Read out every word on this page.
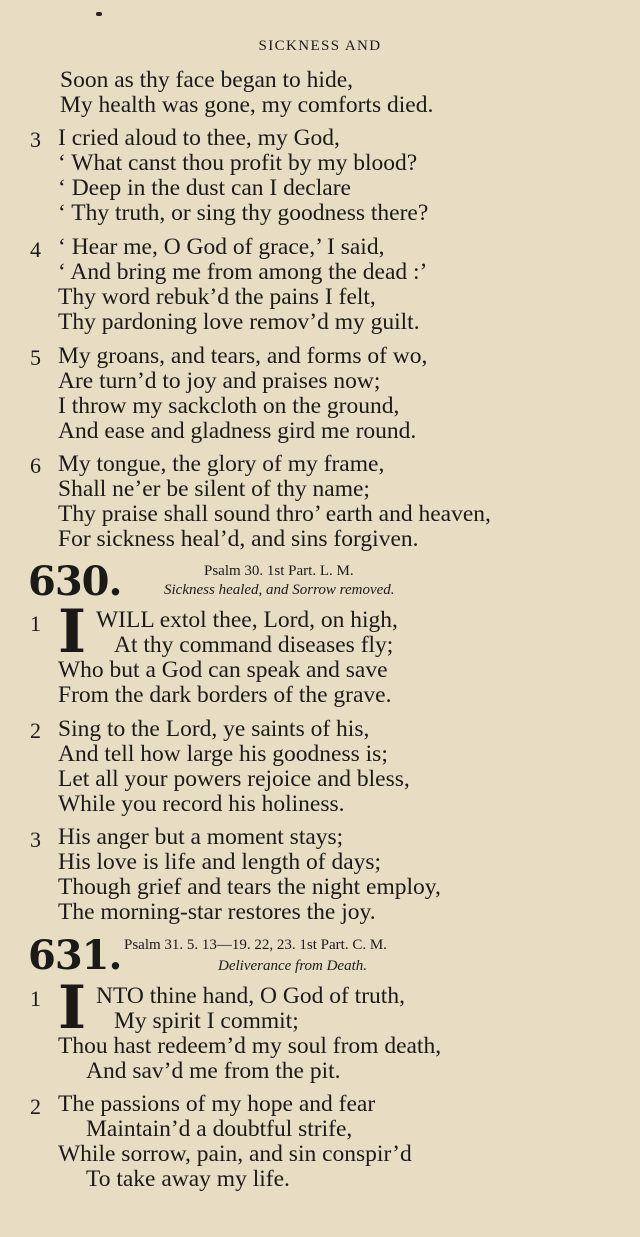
SICKNESS AND
Soon as thy face began to hide,
My health was gone, my comforts died.
3 I cried aloud to thee, my God,
‘ What canst thou profit by my blood?
‘ Deep in the dust can I declare
‘ Thy truth, or sing thy goodness there?
4 ‘ Hear me, O God of grace,’ I said,
‘ And bring me from among the dead :’
Thy word rebuk’d the pains I felt,
Thy pardoning love remov’d my guilt.
5 My groans, and tears, and forms of wo,
Are turn’d to joy and praises now;
I throw my sackcloth on the ground,
And ease and gladness gird me round.
6 My tongue, the glory of my frame,
Shall ne’er be silent of thy name;
Thy praise shall sound thro’ earth and heaven,
For sickness heal’d, and sins forgiven.
630.	Psalm 30. 1st Part. L. M.
Sickness healed, and Sorrow removed.
1 I WILL extol thee, Lord, on high,
At thy command diseases fly;
Who but a God can speak and save
From the dark borders of the grave.
2 Sing to the Lord, ye saints of his,
And tell how large his goodness is;
Let all your powers rejoice and bless,
While you record his holiness.
3 His anger but a moment stays;
His love is life and length of days;
Though grief and tears the night employ,
The morning-star restores the joy.
631. Psalm 31. 5. 13—19. 22, 23. 1st Part. C. M.
Deliverance from Death.
1 I NTO thine hand, O God of truth,
My spirit I commit;
Thou hast redeem’d my soul from death,
And sav’d me from the pit.
2 The passions of my hope and fear
Maintain’d a doubtful strife,
While sorrow, pain, and sin conspir’d
To take away my life.
